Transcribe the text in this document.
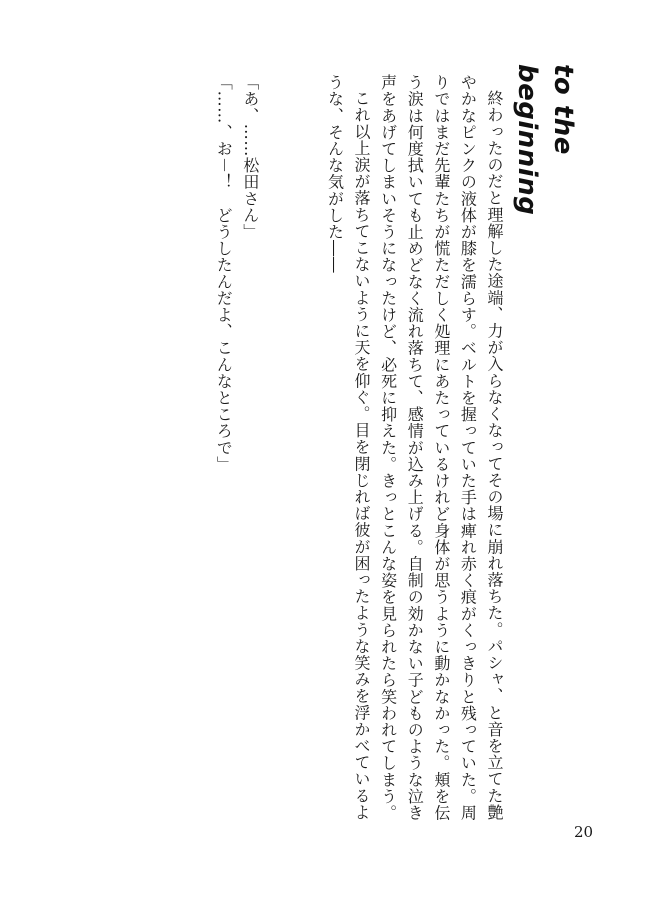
to the beginning

終わったのだと理解した途端、力が入らなくなってその場に崩れ落ちた。パシャ、と音を立てた艶やかなピンクの液体が膝を濡らす。ベルトを握っていた手は痺れ赤く痕がくっきりと残っていた。周りではまだ先輩たちが慌ただしく処理にあたっているけれど身体が思うように動かなかった。頬を伝う涙は何度拭いても止めどなく流れ落ちて、感情が込み上げる。自制の効かない子どものような泣き声をあげてしまいそうになったけど、必死に抑えた。きっとこんな姿を見られたら笑われてしまう。

これ以上涙が落ちてこないように天を仰ぐ。目を閉じれば彼が困ったような笑みを浮かべているような、そんな気がした――

「あ、……松田さん」

「……、お－！　どうしたんだよ、こんなところで」

20
